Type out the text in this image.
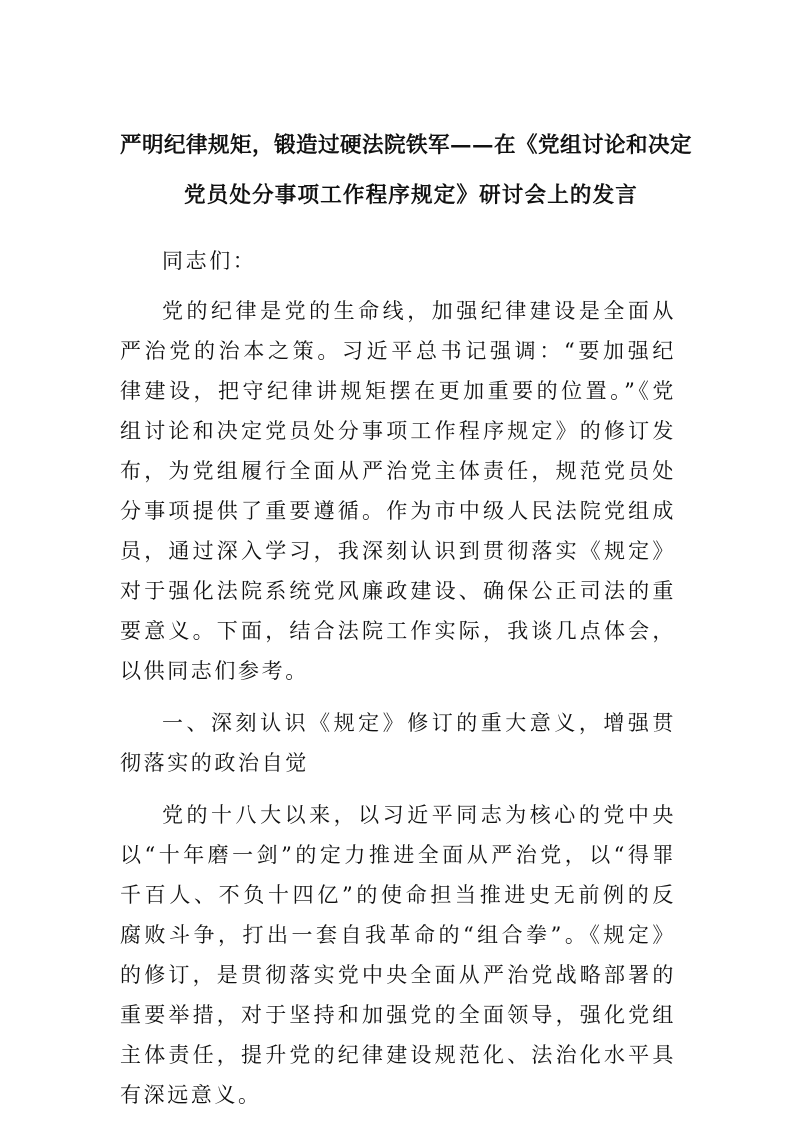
严明纪律规矩，锻造过硬法院铁军——在《党组讨论和决定
党员处分事项工作程序规定》研讨会上的发言

同志们：

党的纪律是党的生命线，加强纪律建设是全面从严治党的治本之策。习近平总书记强调：“要加强纪律建设，把守纪律讲规矩摆在更加重要的位置。”《党组讨论和决定党员处分事项工作程序规定》的修订发布，为党组履行全面从严治党主体责任，规范党员处分事项提供了重要遵循。作为市中级人民法院党组成员，通过深入学习，我深刻认识到贯彻落实《规定》对于强化法院系统党风廉政建设、确保公正司法的重要意义。下面，结合法院工作实际，我谈几点体会，以供同志们参考。

一、深刻认识《规定》修订的重大意义，增强贯彻落实的政治自觉

党的十八大以来，以习近平同志为核心的党中央以“十年磨一剑”的定力推进全面从严治党，以“得罪千百人、不负十四亿”的使命担当推进史无前例的反腐败斗争，打出一套自我革命的“组合拳”。《规定》的修订，是贯彻落实党中央全面从严治党战略部署的重要举措，对于坚持和加强党的全面领导，强化党组主体责任，提升党的纪律建设规范化、法治化水平具有深远意义。
